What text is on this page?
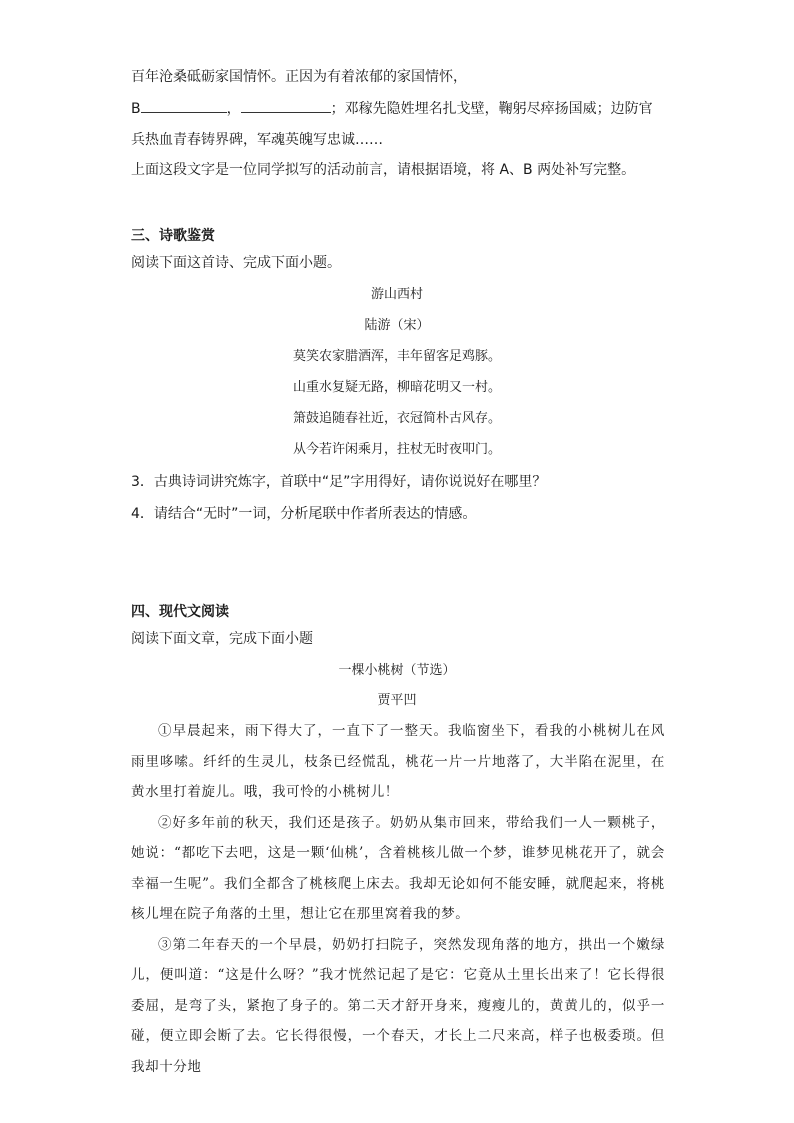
百年沧桑砥砺家国情怀。正因为有着浓郁的家国情怀，
B	，	；邓稼先隐姓埋名扎戈壁，鞠躬尽瘁扬国威；边防官
兵热血青春铸界碑，军魂英魄写忠诚……
上面这段文字是一位同学拟写的活动前言，请根据语境，将 A、B 两处补写完整。
三、诗歌鉴赏
阅读下面这首诗、完成下面小题。
游山西村
陆游（宋）
莫笑农家腊酒浑，丰年留客足鸡豚。
山重水复疑无路，柳暗花明又一村。
箫鼓追随春社近，衣冠简朴古风存。
从今若许闲乘月，拄杖无时夜叩门。
3．古典诗词讲究炼字，首联中“足”字用得好，请你说说好在哪里？
4．请结合“无时”一词，分析尾联中作者所表达的情感。
四、现代文阅读
阅读下面文章，完成下面小题
一棵小桃树（节选）
贾平凹

①早晨起来，雨下得大了，一直下了一整天。我临窗坐下，看我的小桃树儿在风雨里哆嗦。纤纤的生灵儿，枝条已经慌乱，桃花一片一片地落了，大半陷在泥里，在黄水里打着旋儿。哦，我可怜的小桃树儿！

②好多年前的秋天，我们还是孩子。奶奶从集市回来，带给我们一人一颗桃子，她说：“都吃下去吧，这是一颗‘仙桃’，含着桃核儿做一个梦，谁梦见桃花开了，就会幸福一生呢”。我们全都含了桃核爬上床去。我却无论如何不能安睡，就爬起来，将桃核儿埋在院子角落的土里，想让它在那里窝着我的梦。

③第二年春天的一个早晨，奶奶打扫院子，突然发现角落的地方，拱出一个嫩绿儿，便叫道：“这是什么呀？”我才恍然记起了是它：它竟从土里长出来了！它长得很委屈，是弯了头，紧抱了身子的。第二天才舒开身来，瘦瘦儿的，黄黄儿的，似乎一碰，便立即会断了去。它长得很慢，一个春天，才长上二尺来高，样子也极委琐。但我却十分地
